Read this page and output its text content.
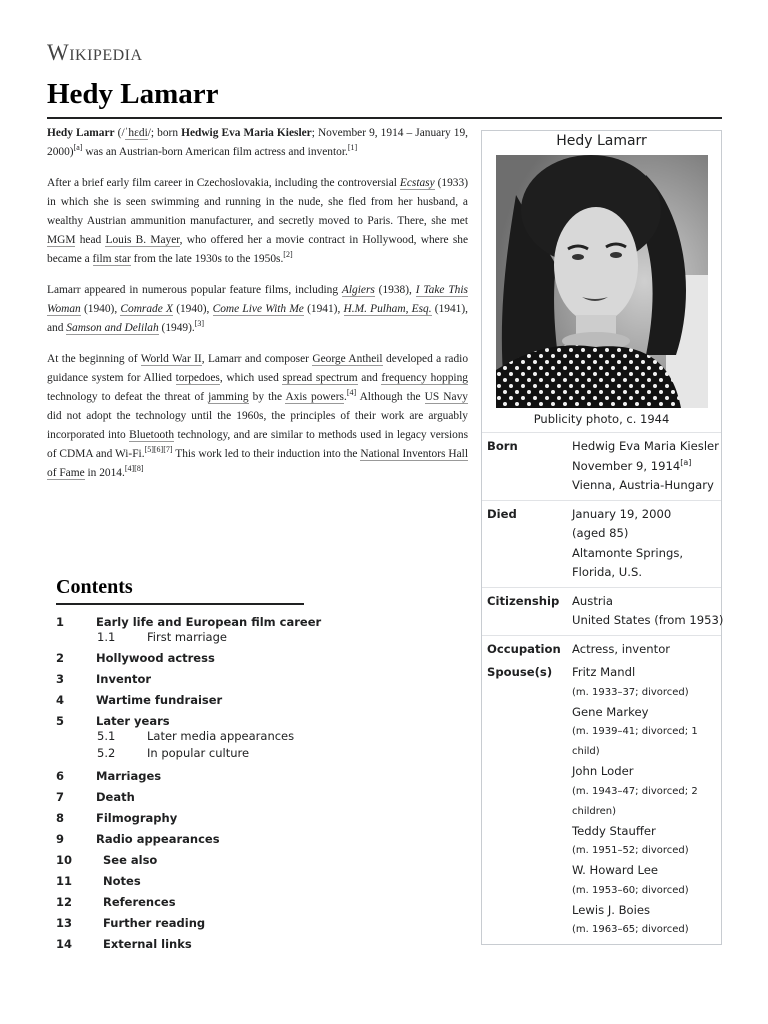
Wikipedia
Hedy Lamarr

Hedy Lamarr (/ˈhɛdi/; born Hedwig Eva Maria Kiesler; November 9, 1914 – January 19, 2000)[a] was an Austrian-born American film actress and inventor.[1]

After a brief early film career in Czechoslovakia, including the controversial Ecstasy (1933) in which she is seen swimming and running in the nude, she fled from her husband, a wealthy Austrian ammunition manufacturer, and secretly moved to Paris. There, she met MGM head Louis B. Mayer, who offered her a movie contract in Hollywood, where she became a film star from the late 1930s to the 1950s.[2]

Lamarr appeared in numerous popular feature films, including Algiers (1938), I Take This Woman (1940), Comrade X (1940), Come Live With Me (1941), H.M. Pulham, Esq. (1941), and Samson and Delilah (1949).[3]

At the beginning of World War II, Lamarr and composer George Antheil developed a radio guidance system for Allied torpedoes, which used spread spectrum and frequency hopping technology to defeat the threat of jamming by the Axis powers.[4] Although the US Navy did not adopt the technology until the 1960s, the principles of their work are arguably incorporated into Bluetooth technology, and are similar to methods used in legacy versions of CDMA and Wi-Fi.[5][6][7] This work led to their induction into the National Inventors Hall of Fame in 2014.[4][8]

Hedy Lamarr
Publicity photo, c. 1944
Born	Hedwig Eva Maria Kiesler
November 9, 1914[a]
Vienna, Austria-Hungary
Died	January 19, 2000
(aged 85)
Altamonte Springs, Florida, U.S.
Citizenship	Austria
United States (from 1953)
Occupation Actress, inventor
Spouse(s)	Fritz Mandl
(m. 1933–37; divorced)
Gene Markey
(m. 1939–41; divorced; 1 child)
John Loder
(m. 1943–47; divorced; 2 children)
Teddy Stauffer
(m. 1951–52; divorced)
W. Howard Lee
(m. 1953–60; divorced)
Lewis J. Boies
(m. 1963–65; divorced)
Contents
1	Early life and European film career
1.1	First marriage
2	Hollywood actress
3	Inventor
4	Wartime fundraiser
5	Later years
5.1	Later media appearances
5.2	In popular culture
6	Marriages
7	Death
8	Filmography
9	Radio appearances
10	See also
11	Notes
12	References
13	Further reading
14	External links
